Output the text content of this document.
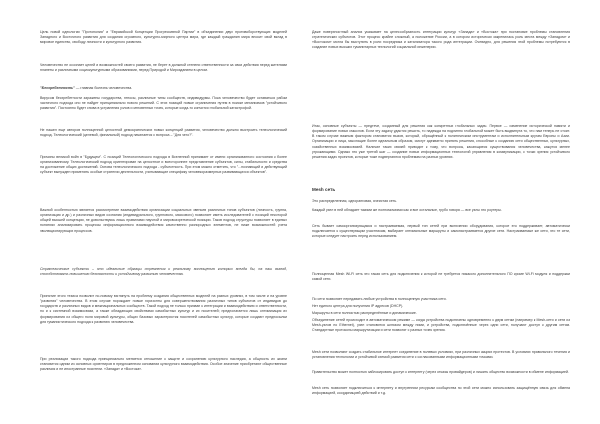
Цель новой идеологии "Протополия" и "Евразийской Концепции Прогрессивной Партии" в объединении двух противоборствующих моделей Западного и Восточного развития для создания огромного, культурно-мирного центра мира, где каждый гражданин мира вносит свой вклад в мировое единство, свободу личности и культурного развития.

Человечество не осознает целей и возможностей своего развития, не берет в должной степени ответственности за свои действия перед жителями планеты и различными социокультурными образованиями, перед Природой и Мирозданием в целом.

"Бесхребетность" — главная болезнь человечества.

Вирусом бесхребетности заражены государства, этносы, различные типы сообществ, индивидуумы. Пока человечество будет оставаться рабом частичного подхода оно не найдет принципиально нового решений. С этих позиций новые ограничения путем в поиске механизмов "устойчивого развития". Постоянно будет снова в устранения узлов и мгновенных точек, которые когда-то кончится глобальной катастрофой.

Не нашел еще авторов полноценной целостной демократических новых концепций развития, человечество должно выстроить телеологический подход. Телеологический (целевой, финальный) подход начинается с вопроса – "Для чего?".

Причины великой войн в "Будущем". С позиций Телеологического подхода в Вселенной принимает от имени организованного состояния к более организованному. Телеологический подход ориентирован на целостное и всестороннее представление субъектов, силы, стабильности и средства на достижение общих достижений. Основа телеологического подхода - субъектность. При этом можно отметить, что "...познающий и действующий субъект вынужден применять особые стратегии деятельности, учитывающие специфику человекоразмерных развивающихся объектов".

Важной особенностью является рассмотрение взаимодействия организации социальных звеньев различных типов субъектов (личность, группа, организация и др.) и различных видов сознания (индивидуального, группового, массового) позволяет иметь исследователей с позиций некоторой общей высшей концепции, не довольствуясь лишь правилами научной и мировоззренческой позиции. Таков подход структуры позволяет в единых понятиях анализировать процессы информационного взаимодействия качественно разнородных элементов, не ниже возможностей учета эволюционирующих процессов.

Стратегические субъекты – это идеальные образцы стремления к реальному воплощению которых всегда бы, на наш взгляд, способствовать повышению безопасности и устойчивому развитию человечества.

Принятие этого тезиса позволит по-новому взглянуть на проблему создания общественных моделей на разных уровнях, в том числе и на уровне "развития" человечества. В этом случае порождает новые горизонты для совершенствования различных типов субъектов от индивидов до государств и различных видов и межнациональных сообществ. Такой подход не только призван к интеграции и взаимодействию и ответственности, но и к системной взаимосвязи, а также обладающих свойствами самобытных культур и их носителей; предполагается лишь оптимизация их формирования из общего поля мировой культуры, общих базовых характеристик носителей самобытных культур, которые создают предпосылки для гуманистического подхода к развитию человечества.

При реализации такого подхода принципиально меняется отношение к защите и сохранению культурного наследия, а общность их жизни становится одним из основных ориентиров в предложенном основании культурного взаимодействия. Особое значение приобретают общественные различия и не иностранные носители. «Запада» и «Востока».

Даже поверхностный анализ указывает на целесообразность интеграции культур «Запада» и «Востока» при постановке проблемы становления стратегических субъектов. Этот процесс крайне сложный, а положение России, а в котором исторически закрепилась роль места между «Западом» и «Востоком» могла бы выступить в роли посредника и катализатора такого рода интеграции. Очевидно, для решения этой проблемы потребуются в создание новых высших гуманитарных технологий социальной инженерии.

Итак, основные субъекты — предтече, созданный для решения как конкретных глобальных задач. Первое — изменение исторической памяти и формирование новых смыслов. Если эту задачу удастся решить, то надежда на подлинно глобальной может быть выдвинута то, что нам теперь не стоит. В таком случае важным фактором становится вызов, который, обращённый к политическим инструментам и исполнительным кругам Европы и Азии. Организации и лица, мыслящие более идеальным образом, смогут адекватно принять решения, способные к созданию сети общественных, культурных, хозяйственных взаимосвязей. Наличие таких связей приводит к тому, что вопросы, касающиеся существования человечества, кажутся менее угрожающими. Однако это уже третий шаг — создание новых информационных технологий управления в коммуникации, с точки зрения устойчивого решения задач проектов, которые тоже подвергаются проблемам на разных уровнях.

Mesh сеть

Это распределенная, одноранговая, ячеистая сеть.

Каждый узел в ней обладает такими же полномочиями как и все остальные, грубо говоря — все узлы это роутеры.

Сеть бывает самоорганизующаяся и настраиваемая, первый тип сетей при включении оборудования, которое его поддерживает, автоматически подключается к существующим участникам, выбирает оптимальные маршруты и самонастраивается другие сети. Настраиваемые же сети, это те сети, которые следует настроить перед использованием.

Полноценная Mesh Wi-Fi сеть это такая сеть для подключения к которой не требуется никакого дополнительного ПО кроме Wi-Fi модуля и поддержки самой сети.

По сети позволяет передавать любые устройства в полноценную участника сети.

Нет единого центра для получения IP адресов (DHCP).

Маршруты в сети полностью распределённые и динамические.

Объединение сетей происходит в автоматическом режиме — когда устройства подключены одновременно к двум сетям (например к Mesh-сети и сети из Mesh-узлов по Ethernet), узел становится шлюзом между ними, и устройства, подключённые через одни сети, получают доступ к другим сетям. Стандартные протоколы маршрутизации и сети позволят с разных точек зрения.

Mesh сети позволяют создать стабильное интернет соединение в полевых условиях, при различных акциях протестов. В условиях правильного течения и установления технологии и устойчивой схемой развития сети с согласованными информационными точками.

Правительство может полностью заблокировать доступ к интернету (через отказы провайдеров) и лишить общество возможности в обмене информацией.

Mesh сеть позволяет подключиться к интернету и внутренним ресурсам сообщества по этой сети можно использовать защищённую связь для обмена информацией, координацией действий и т.д.
